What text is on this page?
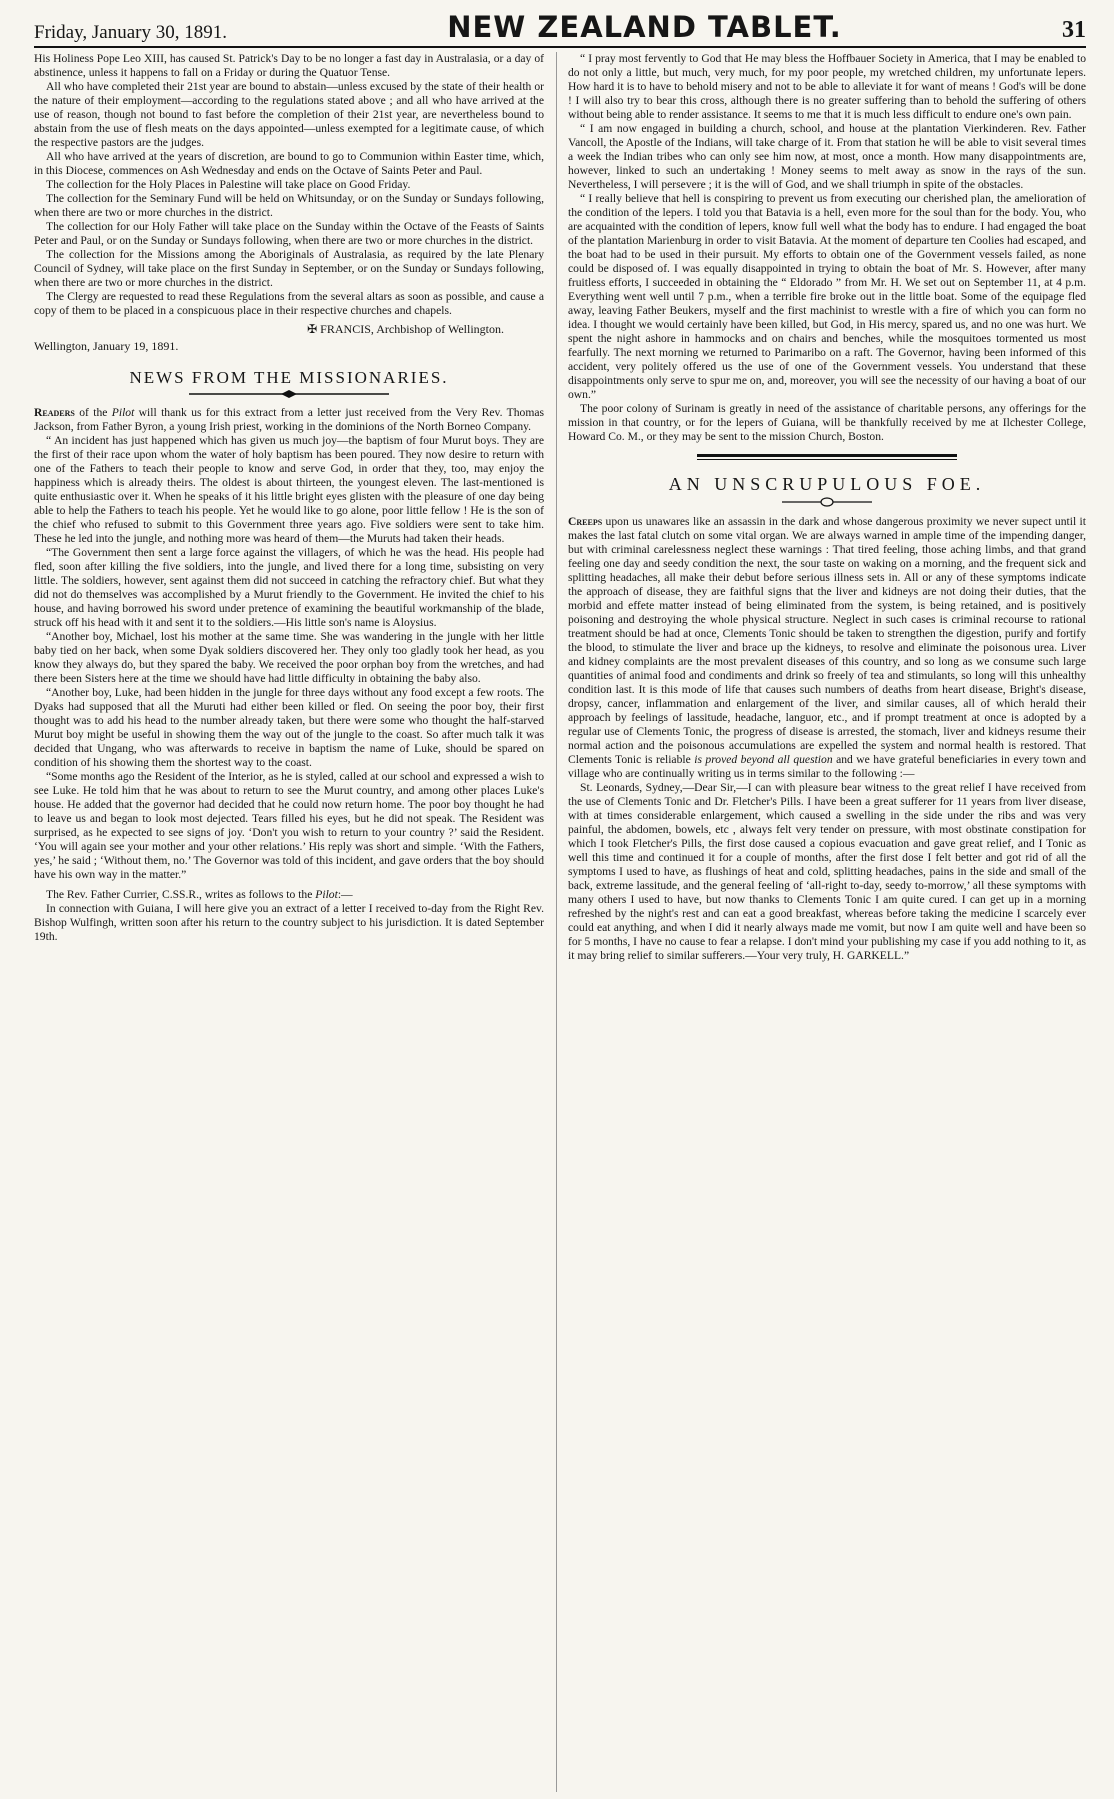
Friday, January 30, 1891.	NEW ZEALAND TABLET.	31

His Holiness Pope Leo XIII, has caused St. Patrick's Day to be no longer a fast day in Australasia, or a day of abstinence, unless it happens to fall on a Friday or during the Quatuor Tense.

All who have completed their 21st year are bound to abstain—unless excused by the state of their health or the nature of their employment—according to the regulations stated above ; and all who have arrived at the use of reason, though not bound to fast before the completion of their 21st year, are nevertheless bound to abstain from the use of flesh meats on the days appointed—unless exempted for a legitimate cause, of which the respective pastors are the judges.

All who have arrived at the years of discretion, are bound to go to Communion within Easter time, which, in this Diocese, commences on Ash Wednesday and ends on the Octave of Saints Peter and Paul.

The collection for the Holy Places in Palestine will take place on Good Friday.

The collection for the Seminary Fund will be held on Whitsunday, or on the Sunday or Sundays following, when there are two or more churches in the district.

The collection for our Holy Father will take place on the Sunday within the Octave of the Feasts of Saints Peter and Paul, or on the Sunday or Sundays following, when there are two or more churches in the district.

The collection for the Missions among the Aboriginals of Australasia, as required by the late Plenary Council of Sydney, will take place on the first Sunday in September, or on the Sunday or Sundays following, when there are two or more churches in the district.

The Clergy are requested to read these Regulations from the several altars as soon as possible, and cause a copy of them to be placed in a conspicuous place in their respective churches and chapels.

✠ FRANCIS, Archbishop of Wellington.
Wellington, January 19, 1891.
NEWS FROM THE MISSIONARIES.

Readers of the Pilot will thank us for this extract from a letter just received from the Very Rev. Thomas Jackson, from Father Byron, a young Irish priest, working in the dominions of the North Borneo Company.

“ An incident has just happened which has given us much joy—the baptism of four Murut boys. They are the first of their race upon whom the water of holy baptism has been poured. They now desire to return with one of the Fathers to teach their people to know and serve God, in order that they, too, may enjoy the happiness which is already theirs. The oldest is about thirteen, the youngest eleven. The last-mentioned is quite enthusiastic over it. When he speaks of it his little bright eyes glisten with the pleasure of one day being able to help the Fathers to teach his people. Yet he would like to go alone, poor little fellow ! He is the son of the chief who refused to submit to this Government three years ago. Five soldiers were sent to take him. These he led into the jungle, and nothing more was heard of them—the Muruts had taken their heads.

“The Government then sent a large force against the villagers, of which he was the head. His people had fled, soon after killing the five soldiers, into the jungle, and lived there for a long time, subsisting on very little. The soldiers, however, sent against them did not succeed in catching the refractory chief. But what they did not do themselves was accomplished by a Murut friendly to the Government. He invited the chief to his house, and having borrowed his sword under pretence of examining the beautiful workmanship of the blade, struck off his head with it and sent it to the soldiers.—His little son's name is Aloysius.

“Another boy, Michael, lost his mother at the same time. She was wandering in the jungle with her little baby tied on her back, when some Dyak soldiers discovered her. They only too gladly took her head, as you know they always do, but they spared the baby. We received the poor orphan boy from the wretches, and had there been Sisters here at the time we should have had little difficulty in obtaining the baby also.

“Another boy, Luke, had been hidden in the jungle for three days without any food except a few roots. The Dyaks had supposed that all the Muruti had either been killed or fled. On seeing the poor boy, their first thought was to add his head to the number already taken, but there were some who thought the half-starved Murut boy might be useful in showing them the way out of the jungle to the coast. So after much talk it was decided that Ungang, who was afterwards to receive in baptism the name of Luke, should be spared on condition of his showing them the shortest way to the coast.

“Some months ago the Resident of the Interior, as he is styled, called at our school and expressed a wish to see Luke. He told him that he was about to return to see the Murut country, and among other places Luke's house. He added that the governor had decided that he could now return home. The poor boy thought he had to leave us and began to look most dejected. Tears filled his eyes, but he did not speak. The Resident was surprised, as he expected to see signs of joy. ‘Don't you wish to return to your country ?’ said the Resident. ‘You will again see your mother and your other relations.’ His reply was short and simple. ‘With the Fathers, yes,’ he said ; ‘Without them, no.’ The Governor was told of this incident, and gave orders that the boy should have his own way in the matter.”

The Rev. Father Currier, C.SS.R., writes as follows to the Pilot:—

In connection with Guiana, I will here give you an extract of a letter I received to-day from the Right Rev. Bishop Wulfingh, written soon after his return to the country subject to his jurisdiction. It is dated September 19th.

“ I pray most fervently to God that He may bless the Hoffbauer Society in America, that I may be enabled to do not only a little, but much, very much, for my poor people, my wretched children, my unfortunate lepers. How hard it is to have to behold misery and not to be able to alleviate it for want of means ! God's will be done ! I will also try to bear this cross, although there is no greater suffering than to behold the suffering of others without being able to render assistance. It seems to me that it is much less difficult to endure one's own pain.

“ I am now engaged in building a church, school, and house at the plantation Vierkinderen. Rev. Father Vancoll, the Apostle of the Indians, will take charge of it. From that station he will be able to visit several times a week the Indian tribes who can only see him now, at most, once a month. How many disappointments are, however, linked to such an undertaking ! Money seems to melt away as snow in the rays of the sun. Nevertheless, I will persevere ; it is the will of God, and we shall triumph in spite of the obstacles.

“ I really believe that hell is conspiring to prevent us from executing our cherished plan, the amelioration of the condition of the lepers. I told you that Batavia is a hell, even more for the soul than for the body. You, who are acquainted with the condition of lepers, know full well what the body has to endure. I had engaged the boat of the plantation Marienburg in order to visit Batavia. At the moment of departure ten Coolies had escaped, and the boat had to be used in their pursuit. My efforts to obtain one of the Government vessels failed, as none could be disposed of. I was equally disappointed in trying to obtain the boat of Mr. S. However, after many fruitless efforts, I succeeded in obtaining the “ Eldorado ” from Mr. H. We set out on September 11, at 4 p.m. Everything went well until 7 p.m., when a terrible fire broke out in the little boat. Some of the equipage fled away, leaving Father Beukers, myself and the first machinist to wrestle with a fire of which you can form no idea. I thought we would certainly have been killed, but God, in His mercy, spared us, and no one was hurt. We spent the night ashore in hammocks and on chairs and benches, while the mosquitoes tormented us most fearfully. The next morning we returned to Parimaribo on a raft. The Governor, having been informed of this accident, very politely offered us the use of one of the Government vessels. You understand that these disappointments only serve to spur me on, and, moreover, you will see the necessity of our having a boat of our own.”

The poor colony of Surinam is greatly in need of the assistance of charitable persons, any offerings for the mission in that country, or for the lepers of Guiana, will be thankfully received by me at Ilchester College, Howard Co. M., or they may be sent to the mission Church, Boston.

AN UNSCRUPULOUS FOE.

Creeps upon us unawares like an assassin in the dark and whose dangerous proximity we never supect until it makes the last fatal clutch on some vital organ. We are always warned in ample time of the impending danger, but with criminal carelessness neglect these warnings : That tired feeling, those aching limbs, and that grand feeling one day and seedy condition the next, the sour taste on waking on a morning, and the frequent sick and splitting headaches, all make their debut before serious illness sets in. All or any of these symptoms indicate the approach of disease, they are faithful signs that the liver and kidneys are not doing their duties, that the morbid and effete matter instead of being eliminated from the system, is being retained, and is positively poisoning and destroying the whole physical structure. Neglect in such cases is criminal recourse to rational treatment should be had at once, Clements Tonic should be taken to strengthen the digestion, purify and fortify the blood, to stimulate the liver and brace up the kidneys, to resolve and eliminate the poisonous urea. Liver and kidney complaints are the most prevalent diseases of this country, and so long as we consume such large quantities of animal food and condiments and drink so freely of tea and stimulants, so long will this unhealthy condition last. It is this mode of life that causes such numbers of deaths from heart disease, Bright's disease, dropsy, cancer, inflammation and enlargement of the liver, and similar causes, all of which herald their approach by feelings of lassitude, headache, languor, etc., and if prompt treatment at once is adopted by a regular use of Clements Tonic, the progress of disease is arrested, the stomach, liver and kidneys resume their normal action and the poisonous accumulations are expelled the system and normal health is restored. That Clements Tonic is reliable is proved beyond all question and we have grateful beneficiaries in every town and village who are continually writing us in terms similar to the following :—

St. Leonards, Sydney,—Dear Sir,—I can with pleasure bear witness to the great relief I have received from the use of Clements Tonic and Dr. Fletcher's Pills. I have been a great sufferer for 11 years from liver disease, with at times considerable enlargement, which caused a swelling in the side under the ribs and was very painful, the abdomen, bowels, etc , always felt very tender on pressure, with most obstinate constipation for which I took Fletcher's Pills, the first dose caused a copious evacuation and gave great relief, and I Tonic as well this time and continued it for a couple of months, after the first dose I felt better and got rid of all the symptoms I used to have, as flushings of heat and cold, splitting headaches, pains in the side and small of the back, extreme lassitude, and the general feeling of ‘all-right to-day, seedy to-morrow,’ all these symptoms with many others I used to have, but now thanks to Clements Tonic I am quite cured. I can get up in a morning refreshed by the night's rest and can eat a good breakfast, whereas before taking the medicine I scarcely ever could eat anything, and when I did it nearly always made me vomit, but now I am quite well and have been so for 5 months, I have no cause to fear a relapse. I don't mind your publishing my case if you add nothing to it, as it may bring relief to similar sufferers.—Your very truly, H. GARKELL.”
